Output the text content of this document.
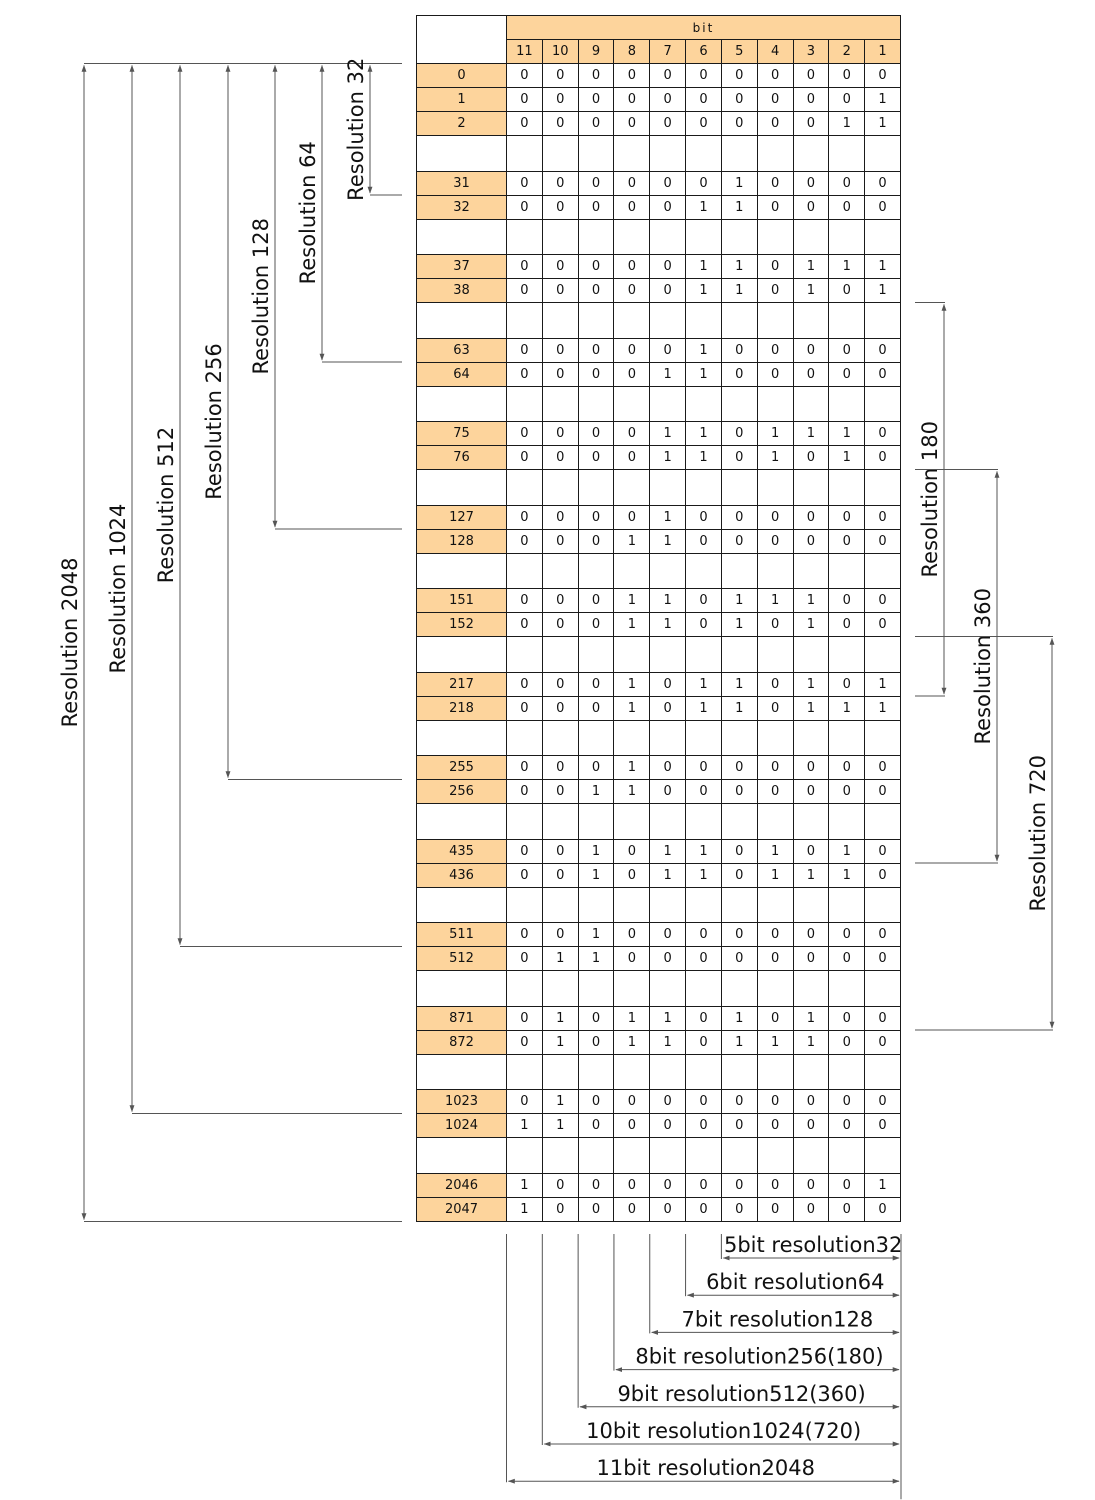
	bit										
	11	10	9	8	7	6	5	4	3	2	1
0	0	0	0	0	0	0	0	0	0	0	0
1	0	0	0	0	0	0	0	0	0	0	1
2	0	0	0	0	0	0	0	0	0	1	1

31	0	0	0	0	0	0	1	0	0	0	0
32	0	0	0	0	0	1	1	0	0	0	0

37	0	0	0	0	0	1	1	0	1	1	1
38	0	0	0	0	0	1	1	0	1	0	1

63	0	0	0	0	0	1	0	0	0	0	0
64	0	0	0	0	1	1	0	0	0	0	0

75	0	0	0	0	1	1	0	1	1	1	0
76	0	0	0	0	1	1	0	1	0	1	0

127	0	0	0	0	1	0	0	0	0	0	0
128	0	0	0	1	1	0	0	0	0	0	0

151	0	0	0	1	1	0	1	1	1	0	0
152	0	0	0	1	1	0	1	0	1	0	0

217	0	0	0	1	0	1	1	0	1	0	1
218	0	0	0	1	0	1	1	0	1	1	1

255	0	0	0	1	0	0	0	0	0	0	0
256	0	0	1	1	0	0	0	0	0	0	0

435	0	0	1	0	1	1	0	1	0	1	0
436	0	0	1	0	1	1	0	1	1	1	0

511	0	0	1	0	0	0	0	0	0	0	0
512	0	1	1	0	0	0	0	0	0	0	0

871	0	1	0	1	1	0	1	0	1	0	0
872	0	1	0	1	1	0	1	1	1	0	0

1023	0	1	0	0	0	0	0	0	0	0	0
1024	1	1	0	0	0	0	0	0	0	0	0

2046	1	0	0	0	0	0	0	0	0	0	1
2047	1	0	0	0	0	0	0	0	0	0	0
Resolution 2048 Resolution 1024 Resolution 512
Resolution 256
Resolution 128
Resolution 64
Resolution 32
Resolution 180
Resolution 360
Resolution 720
5bit resolution32
6bit resolution64
7bit resolution128
8bit resolution256(180)
9bit resolution512(360)
10bit resolution1024(720)
11bit resolution2048
